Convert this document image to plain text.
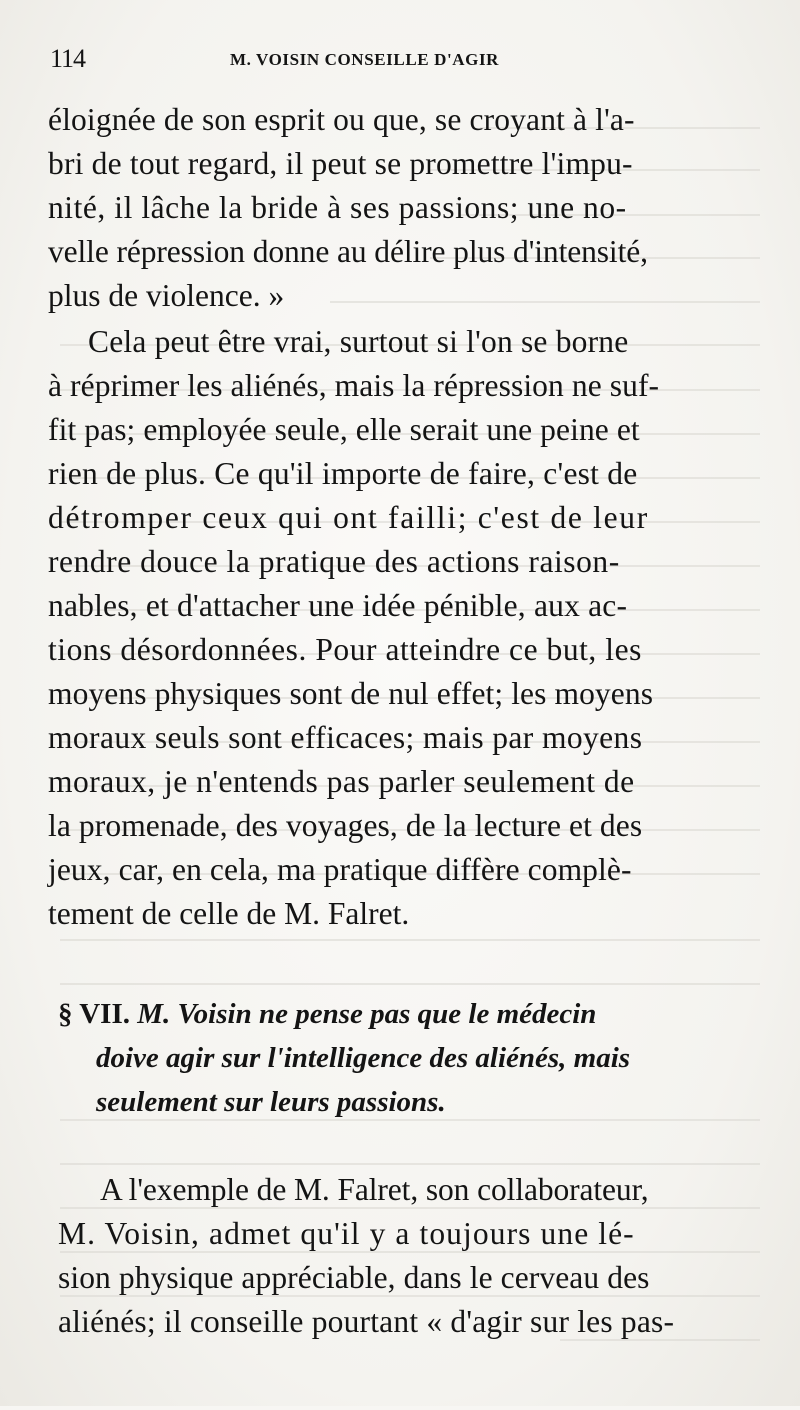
114	M. VOISIN CONSEILLE D'AGIR
éloignée de son esprit ou que, se croyant à l'a-
bri de tout regard, il peut se promettre l'impu-
nité, il lâche la bride à ses passions; une no-
velle répression donne au délire plus d'intensité,
plus de violence. »
Cela peut être vrai, surtout si l'on se borne
à réprimer les aliénés, mais la répression ne suf-
fit pas; employée seule, elle serait une peine et
rien de plus. Ce qu'il importe de faire, c'est de
détromper ceux qui ont failli; c'est de leur
rendre douce la pratique des actions raison-
nables, et d'attacher une idée pénible, aux ac-
tions désordonnées. Pour atteindre ce but, les
moyens physiques sont de nul effet; les moyens
moraux seuls sont efficaces; mais par moyens
moraux, je n'entends pas parler seulement de
la promenade, des voyages, de la lecture et des
jeux, car, en cela, ma pratique diffère complè-
tement de celle de M. Falret.
§ VII. M. Voisin ne pense pas que le médecin
doive agir sur l'intelligence des aliénés, mais
seulement sur leurs passions.
A l'exemple de M. Falret, son collaborateur,
M. Voisin, admet qu'il y a toujours une lé-
sion physique appréciable, dans le cerveau des
aliénés; il conseille pourtant « d'agir sur les pas-
